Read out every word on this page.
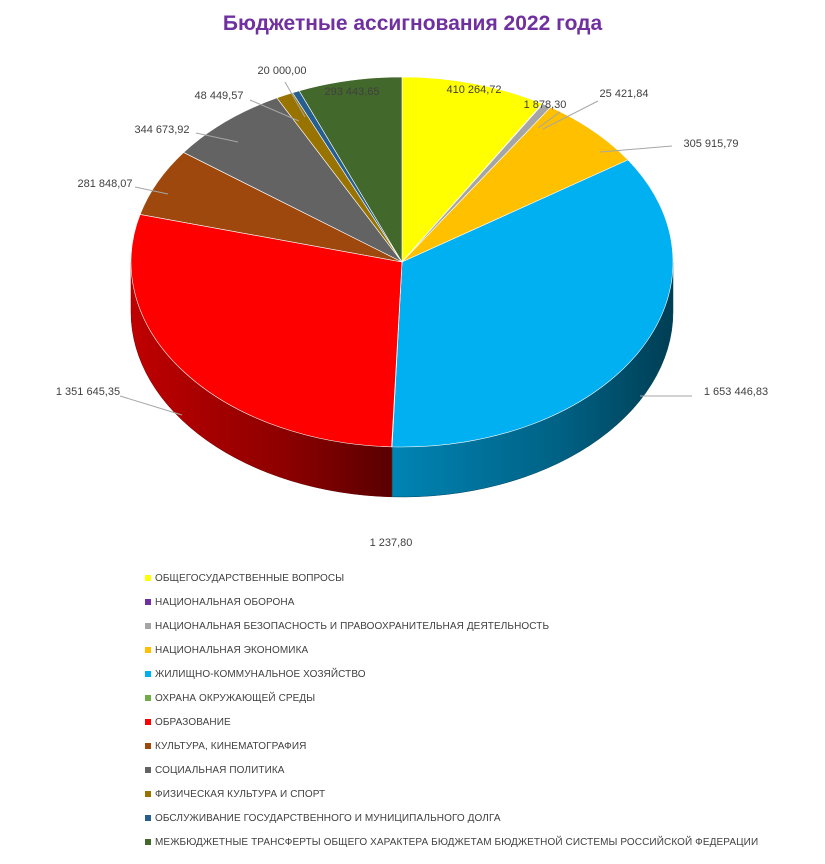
Бюджетные ассигнования 2022 года
410 264,72
1 878,30
25 421,84
305 915,79
1 653 446,83
1 237,80
1 351 645,35
281 848,07
344 673,92
48 449,57
20 000,00
293 443,65
ОБЩЕГОСУДАРСТВЕННЫЕ ВОПРОСЫ
НАЦИОНАЛЬНАЯ ОБОРОНА
НАЦИОНАЛЬНАЯ БЕЗОПАСНОСТЬ И ПРАВООХРАНИТЕЛЬНАЯ ДЕЯТЕЛЬНОСТЬ
НАЦИОНАЛЬНАЯ ЭКОНОМИКА
ЖИЛИЩНО-КОММУНАЛЬНОЕ ХОЗЯЙСТВО
ОХРАНА ОКРУЖАЮЩЕЙ СРЕДЫ
ОБРАЗОВАНИЕ
КУЛЬТУРА, КИНЕМАТОГРАФИЯ
СОЦИАЛЬНАЯ ПОЛИТИКА
ФИЗИЧЕСКАЯ КУЛЬТУРА И СПОРТ
ОБСЛУЖИВАНИЕ ГОСУДАРСТВЕННОГО И МУНИЦИПАЛЬНОГО ДОЛГА
МЕЖБЮДЖЕТНЫЕ ТРАНСФЕРТЫ ОБЩЕГО ХАРАКТЕРА БЮДЖЕТАМ БЮДЖЕТНОЙ СИСТЕМЫ РОССИЙСКОЙ ФЕДЕРАЦИИ
